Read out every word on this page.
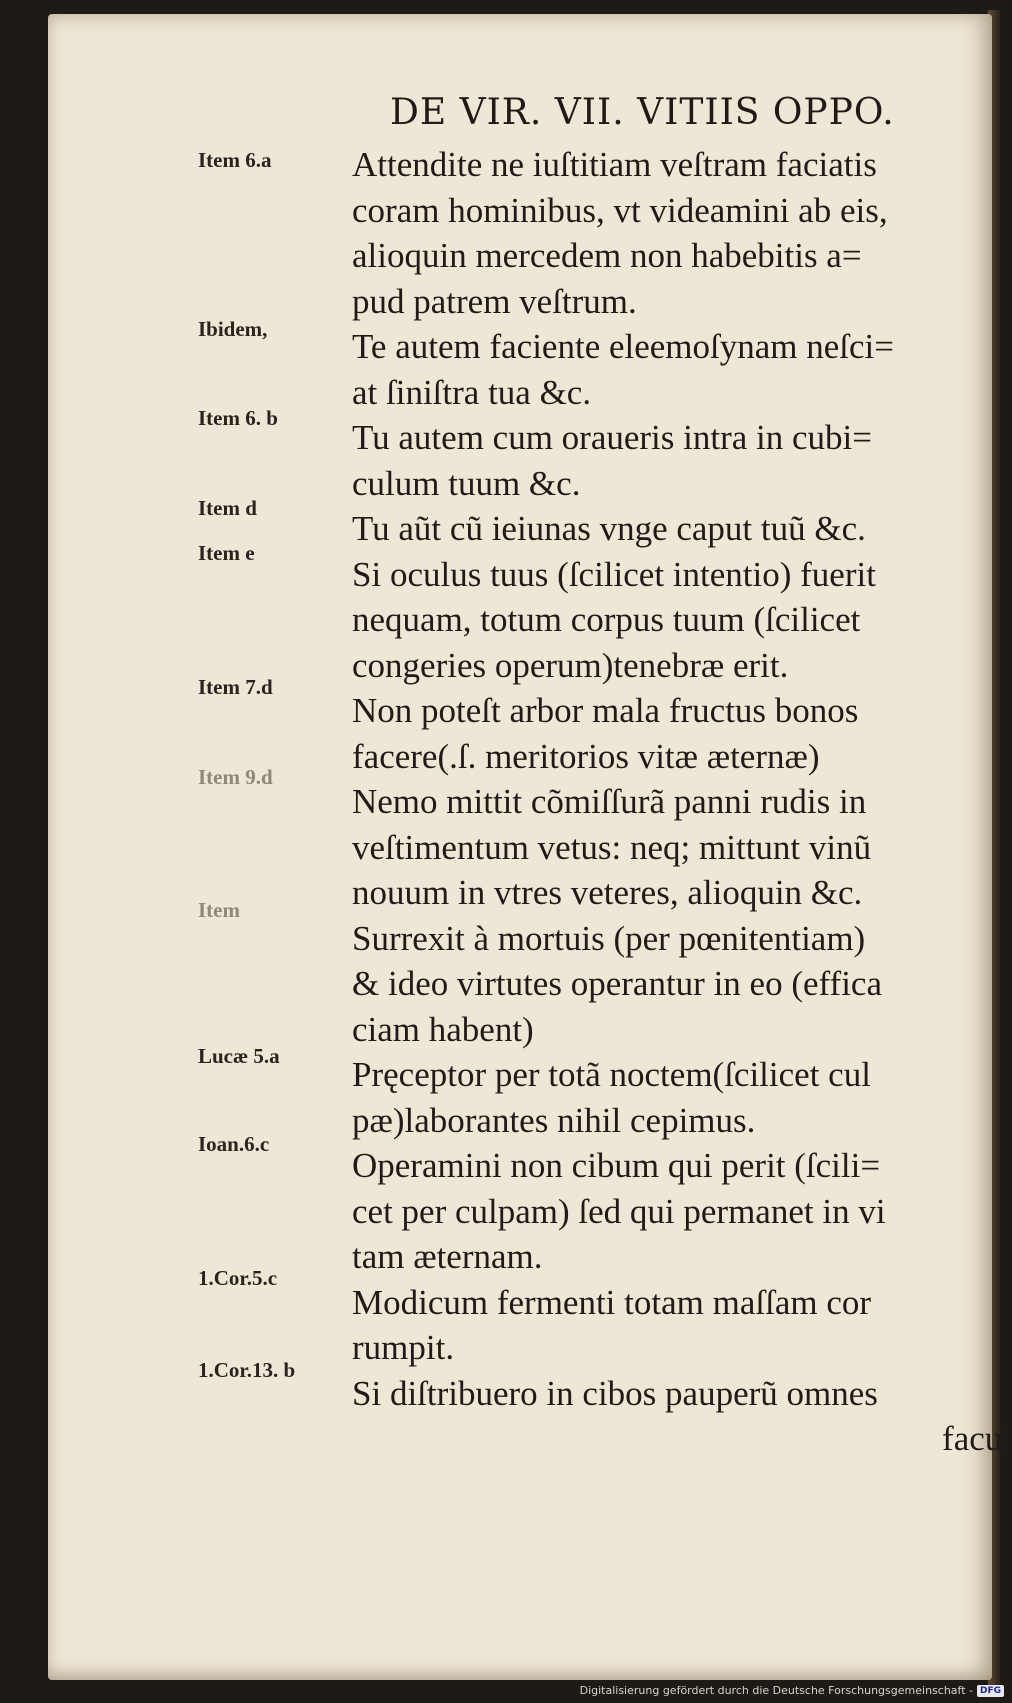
DE VIR. VII. VITIIS OPPO.
Attendite ne iuſtitiam veſtram faciatis
coram hominibus, vt videamini ab eis,
alioquin mercedem non habebitis a=
pud patrem veſtrum.
Te autem faciente eleemoſynam neſci=
at ſiniſtra tua &c.
Tu autem cum oraueris intra in cubi=
culum tuum &c.
Tu aũt cũ ieiunas vnge caput tuũ &c.
Si oculus tuus (ſcilicet intentio) fuerit
nequam, totum corpus tuum (ſcilicet
congeries operum)tenebræ erit.
Non poteſt arbor mala fructus bonos
facere(.ſ. meritorios vitæ æternæ)
Nemo mittit cõmiſſurã panni rudis in
veſtimentum vetus: neq; mittunt vinũ
nouum in vtres veteres, alioquin &c.
Surrexit à mortuis (per pœnitentiam)
& ideo virtutes operantur in eo (effica
ciam habent)
Pręceptor per totã noctem(ſcilicet cul
pæ)laborantes nihil cepimus.
Operamini non cibum qui perit (ſcili=
cet per culpam) ſed qui permanet in vi
tam æternam.
Modicum fermenti totam maſſam cor
rumpit.
Si diſtribuero in cibos pauperũ omnes
facul
Item 6.a
Ibidem,
Item 6. b
Item d
Item e
Item 7.d
Item 9.d
Item
Lucæ 5.a
Ioan.6.c
1.Cor.5.c
1.Cor.13. b
Digitalisierung gefördert durch die Deutsche Forschungsgemeinschaft - DFG
